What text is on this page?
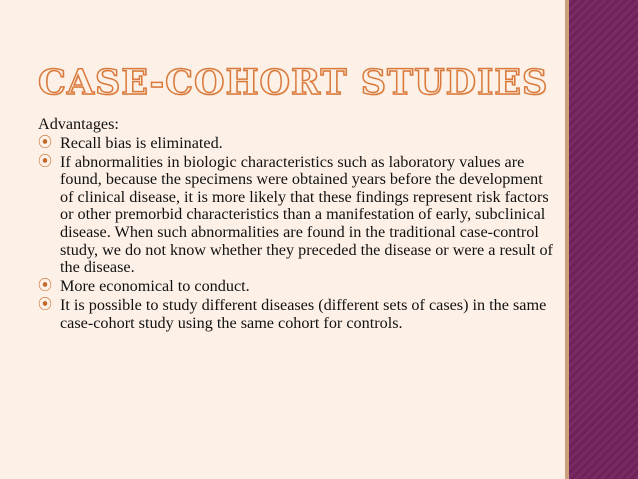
CASE-COHORT STUDIES

Advantages:

⦿ Recall bias is eliminated.
⦿ If abnormalities in biologic characteristics such as laboratory values are found, because the specimens were obtained years before the development of clinical disease, it is more likely that these findings represent risk factors or other premorbid characteristics than a manifestation of early, subclinical disease. When such abnormalities are found in the traditional case-control study, we do not know whether they preceded the disease or were a result of the disease.
⦿ More economical to conduct.
⦿ It is possible to study different diseases (different sets of cases) in the same case-cohort study using the same cohort for controls.
